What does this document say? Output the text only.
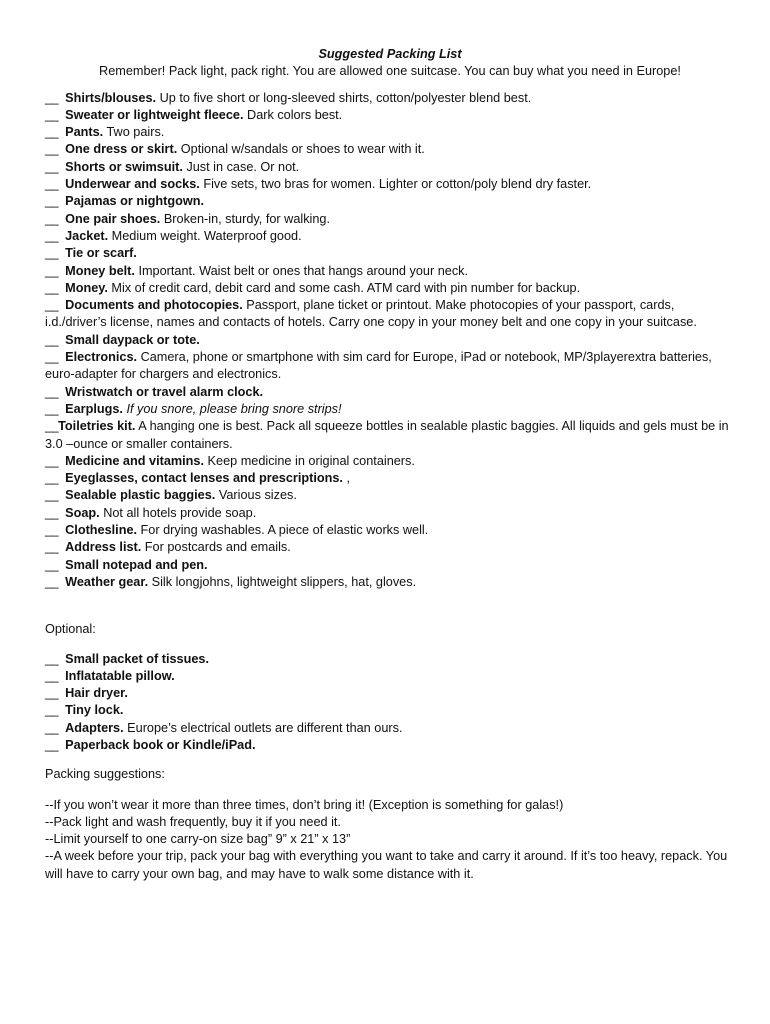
Suggested Packing List

Remember! Pack light, pack right. You are allowed one suitcase. You can buy what you need in Europe!

__ Shirts/blouses. Up to five short or long-sleeved shirts, cotton/polyester blend best.
__ Sweater or lightweight fleece. Dark colors best.
__ Pants. Two pairs.
__ One dress or skirt. Optional w/sandals or shoes to wear with it.
__ Shorts or swimsuit. Just in case. Or not.
__ Underwear and socks. Five sets, two bras for women. Lighter or cotton/poly blend dry faster.
__ Pajamas or nightgown.
__ One pair shoes. Broken-in, sturdy, for walking.
__ Jacket. Medium weight. Waterproof good.
__ Tie or scarf.
__ Money belt. Important. Waist belt or ones that hangs around your neck.
__ Money. Mix of credit card, debit card and some cash. ATM card with pin number for backup.
__ Documents and photocopies. Passport, plane ticket or printout. Make photocopies of your passport, cards, i.d./driver’s license, names and contacts of hotels. Carry one copy in your money belt and one copy in your suitcase.
__ Small daypack or tote.
__ Electronics. Camera, phone or smartphone with sim card for Europe, iPad or notebook, MP/3playerextra batteries, euro-adapter for chargers and electronics.
__ Wristwatch or travel alarm clock.
__ Earplugs. If you snore, please bring snore strips!
__Toiletries kit. A hanging one is best. Pack all squeeze bottles in sealable plastic baggies. All liquids and gels must be in 3.0 –ounce or smaller containers.
__ Medicine and vitamins. Keep medicine in original containers.
__ Eyeglasses, contact lenses and prescriptions. ,
__ Sealable plastic baggies. Various sizes.
__ Soap. Not all hotels provide soap.
__ Clothesline. For drying washables. A piece of elastic works well.
__ Address list. For postcards and emails.
__ Small notepad and pen.
__ Weather gear. Silk longjohns, lightweight slippers, hat, gloves.

Optional:

__ Small packet of tissues.
__ Inflatatable pillow.
__ Hair dryer.
__ Tiny lock.
__ Adapters. Europe’s electrical outlets are different than ours.
__ Paperback book or Kindle/iPad.

Packing suggestions:

--If you won’t wear it more than three times, don’t bring it! (Exception is something for galas!)

--Pack light and wash frequently, buy it if you need it.

--Limit yourself to one carry-on size bag” 9” x 21” x 13”

--A week before your trip, pack your bag with everything you want to take and carry it around. If it’s too heavy, repack. You will have to carry your own bag, and may have to walk some distance with it.
